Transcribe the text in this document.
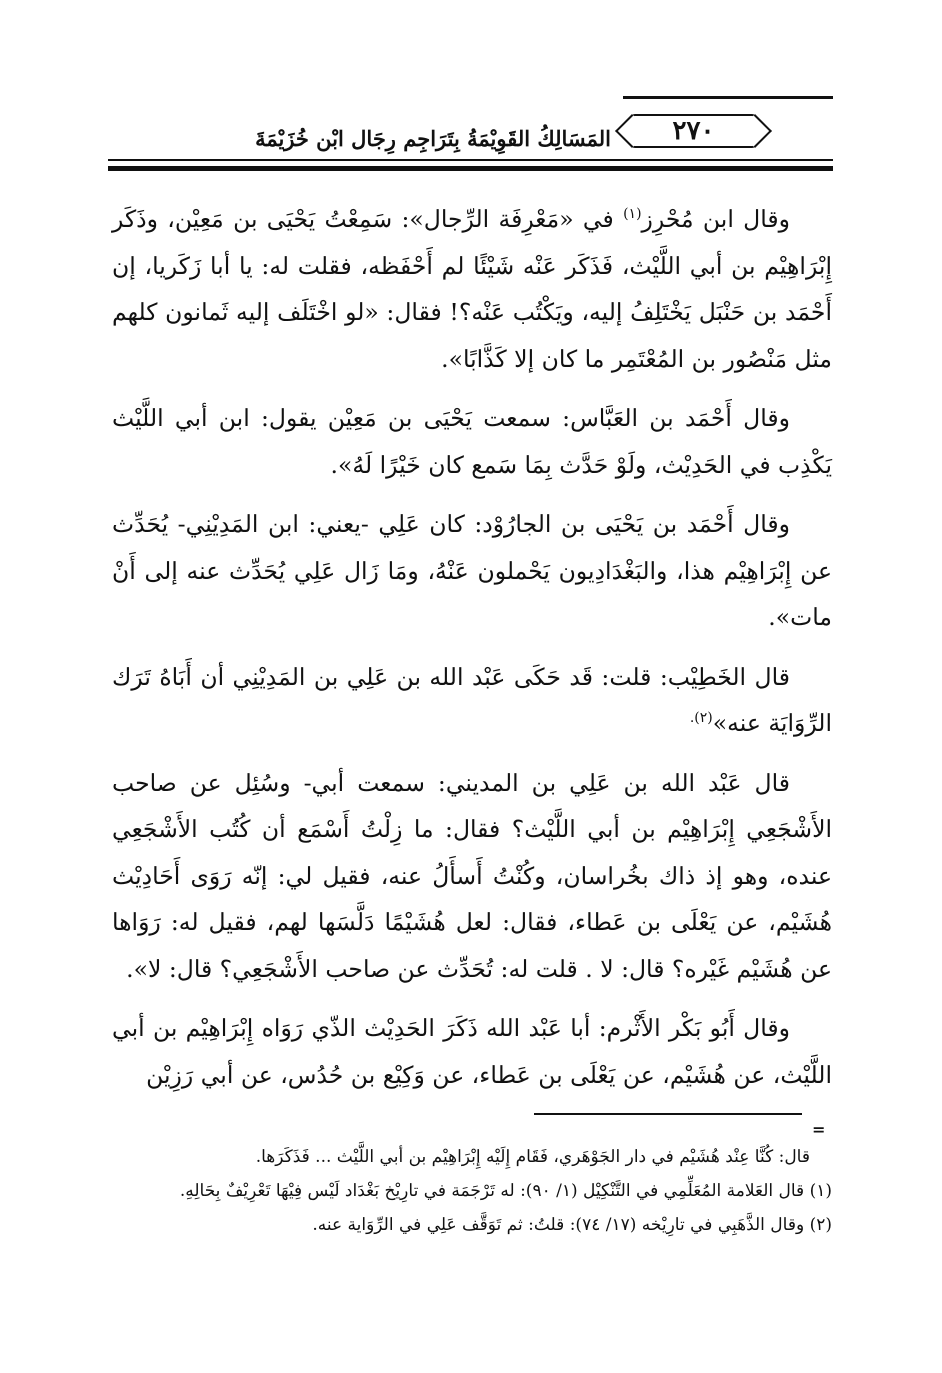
٢٧٠
المَسَالِكُ القَوِيْمَةُ بِتَرَاجِم رِجَال ابْن خُزَيْمَةَ

وقال ابن مُحْرِز$^{(١)}$ في «مَعْرِفَة الرِّجال»: سَمِعْتُ يَحْيَى بن مَعِيْن، وذَكَر إِبْرَاهِيْم بن أبي اللَّيْث، فَذَكَر عَنْه شَيْئًا لم أَحْفَظه، فقلت له: يا أبا زَكَريا، إن أَحْمَد بن حَنْبَل يَخْتَلِفُ إليه، ويَكْتُب عَنْه؟! فقال: «لو اخْتَلَف إليه ثَمانون كلهم مثل مَنْصُور بن المُعْتَمِر ما كان إلا كَذَّابًا».

وقال أَحْمَد بن العَبَّاس: سمعت يَحْيَى بن مَعِيْن يقول: ابن أبي اللَّيْث يَكْذِب في الحَدِيْث، ولَوْ حَدَّث بِمَا سَمع كان خَيْرًا لَهُ».

وقال أَحْمَد بن يَحْيَى بن الجارُوْد: كان عَلِي -يعني: ابن المَدِيْنِي- يُحَدِّث عن إِبْرَاهِيْم هذا، والبَغْدَادِيون يَحْملون عَنْهُ، ومَا زَال عَلِي يُحَدِّث عنه إلى أَنْ مات».

قال الخَطِيْب: قلت: قَد حَكَى عَبْد الله بن عَلِي بن المَدِيْنِي أن أَبَاهُ تَرَك الرِّوَايَة عنه»$^{(٢).}$

قال عَبْد الله بن عَلِي بن المديني: سمعت أبي- وسُئِل عن صاحب الأَشْجَعِي إِبْرَاهِيْم بن أبي اللَّيْث؟ فقال: ما زِلْتُ أَسْمَع أن كُتُب الأَشْجَعِي عنده، وهو إذ ذاك بخُراسان، وكُنْتُ أَسأَلُ عنه، فقيل لي: إنّه رَوَى أَحَادِيْث هُشَيْم، عن يَعْلَى بن عَطاء، فقال: لعل هُشَيْمًا دَلَّسَها لهم، فقيل له: رَوَاها عن هُشَيْم غَيْره؟ قال: لا . قلت له: تُحَدِّث عن صاحب الأَشْجَعِي؟ قال: لا».

وقال أَبُو بَكْر الأَثْرم: أبا عَبْد الله ذَكَرَ الحَدِيْث الذّي رَوَاه إِبْرَاهِيْم بن أبي اللَّيْث، عن هُشَيْم، عن يَعْلَى بن عَطاء، عن وَكِيْع بن حُدُس، عن أبي رَزِيْن

=

قال: كُنَّا عِنْد هُشَيْم في دار الجَوْهَري، فَقَام إِلَيْه إِبْرَاهِيْم بن أبي اللَّيْث ... فَذَكَرَها.

(١) قال العَلامة المُعَلِّمِي في التَّنْكِيْل (١/ ٩٠): له تَرْجَمَة في تارِيْخ بَغْدَاد لَيْس فِيْهَا تَعْرِيْفٌ بِحَالِهِ.

(٢) وقال الذَّهَبِي في تارِيْخه (١٧/ ٧٤): قلتُ: ثم تَوَقَّف عَلِي في الرِّوَاية عنه.
